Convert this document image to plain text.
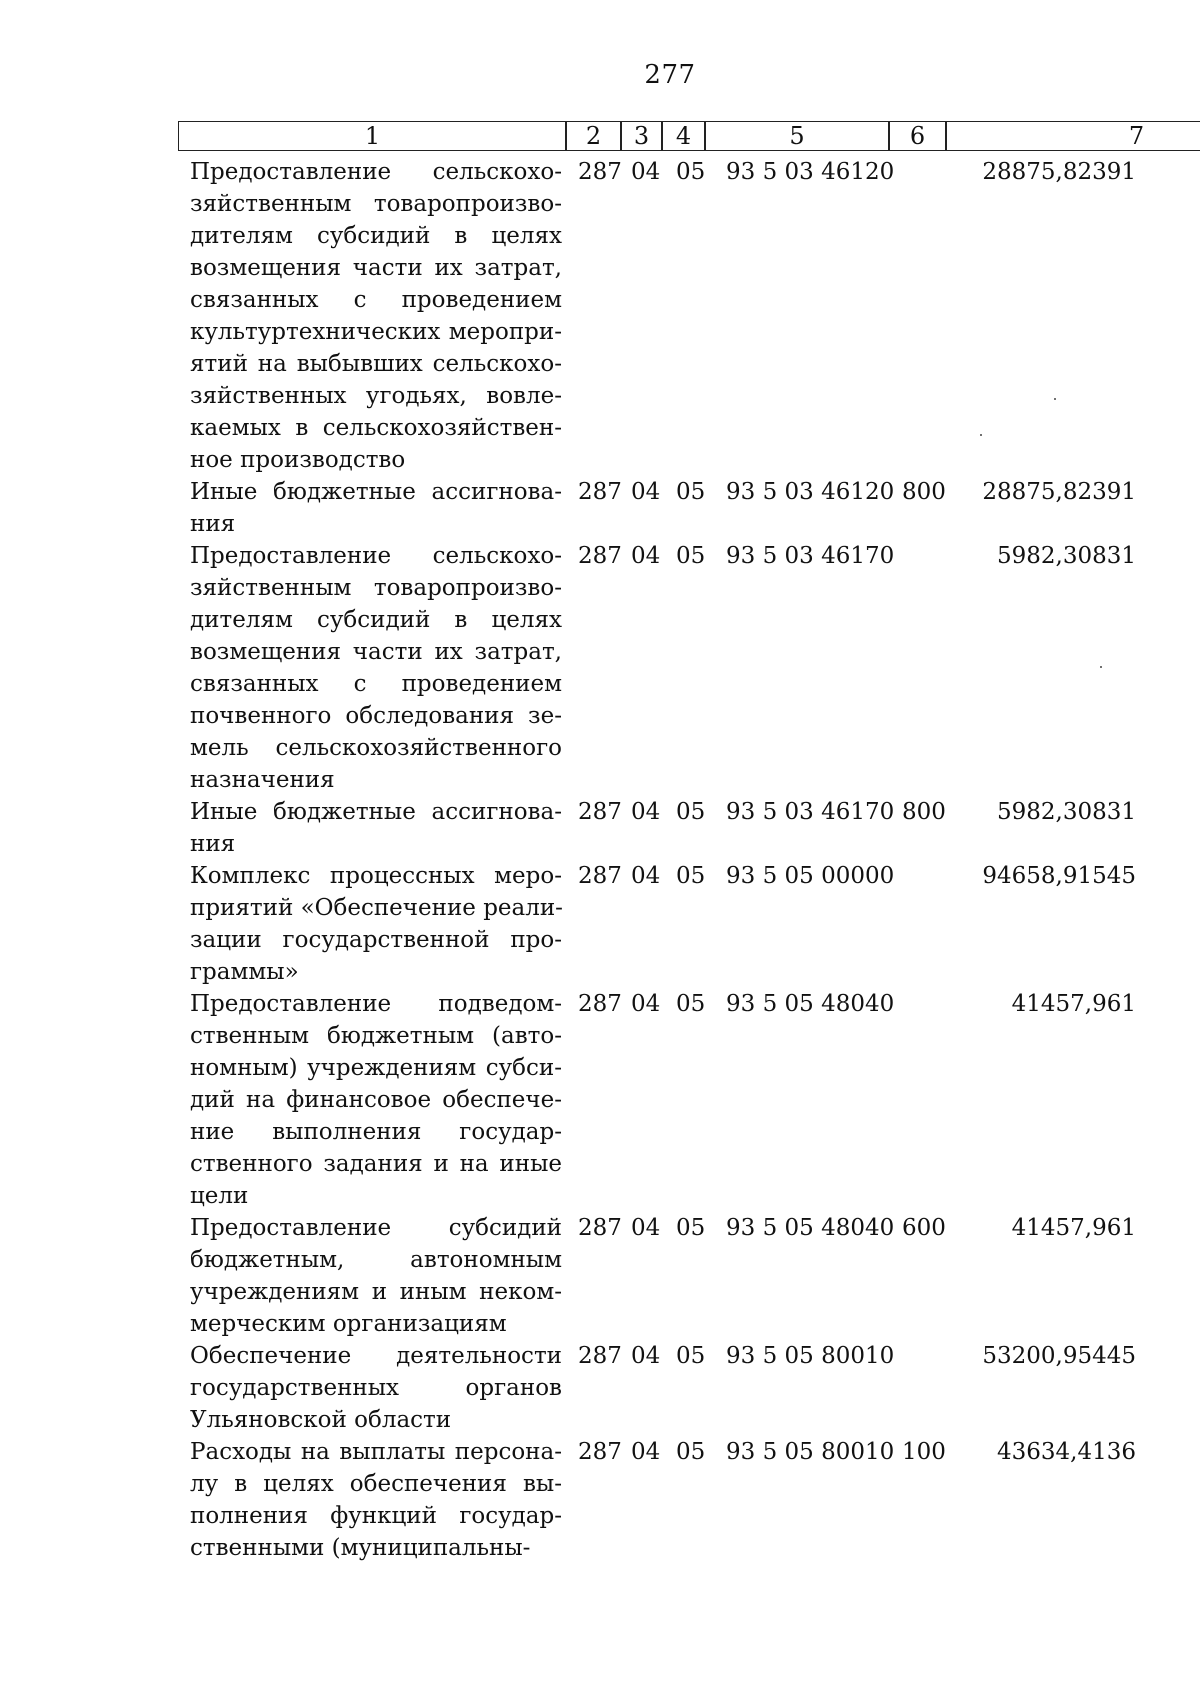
277
1	2	3	4	5	6	7
Предоставление сельскохо-
зяйственным товаропроизво-
дителям субсидий в целях
возмещения части их затрат,
связанных с проведением
культуртехнических меропри-
ятий на выбывших сельскохо-
зяйственных угодьях, вовле-
каемых в сельскохозяйствен-
ное производство
287 04 05 93 5 03 46120	28875,82391
Иные бюджетные ассигнова-
ния
287 04 05 93 5 03 46120 800	28875,82391
Предоставление сельскохо-
зяйственным товаропроизво-
дителям субсидий в целях
возмещения части их затрат,
связанных с проведением
почвенного обследования зе-
мель сельскохозяйственного
назначения
287 04 05 93 5 03 46170	5982,30831
Иные бюджетные ассигнова-
ния
287 04 05 93 5 03 46170 800	5982,30831
Комплекс процессных меро-
приятий «Обеспечение реали-
зации государственной про-
граммы»
287 04 05 93 5 05 00000	94658,91545
Предоставление подведом-
ственным бюджетным (авто-
номным) учреждениям субси-
дий на финансовое обеспече-
ние выполнения государ-
ственного задания и на иные
цели
287 04 05 93 5 05 48040	41457,961
Предоставление субсидий
бюджетным, автономным
учреждениям и иным неком-
мерческим организациям
287 04 05 93 5 05 48040 600	41457,961
Обеспечение деятельности
государственных органов
Ульяновской области
287 04 05 93 5 05 80010	53200,95445
Расходы на выплаты персона-
лу в целях обеспечения вы-
полнения функций государ-
ственными (муниципальны-
287 04 05 93 5 05 80010 100	43634,4136
